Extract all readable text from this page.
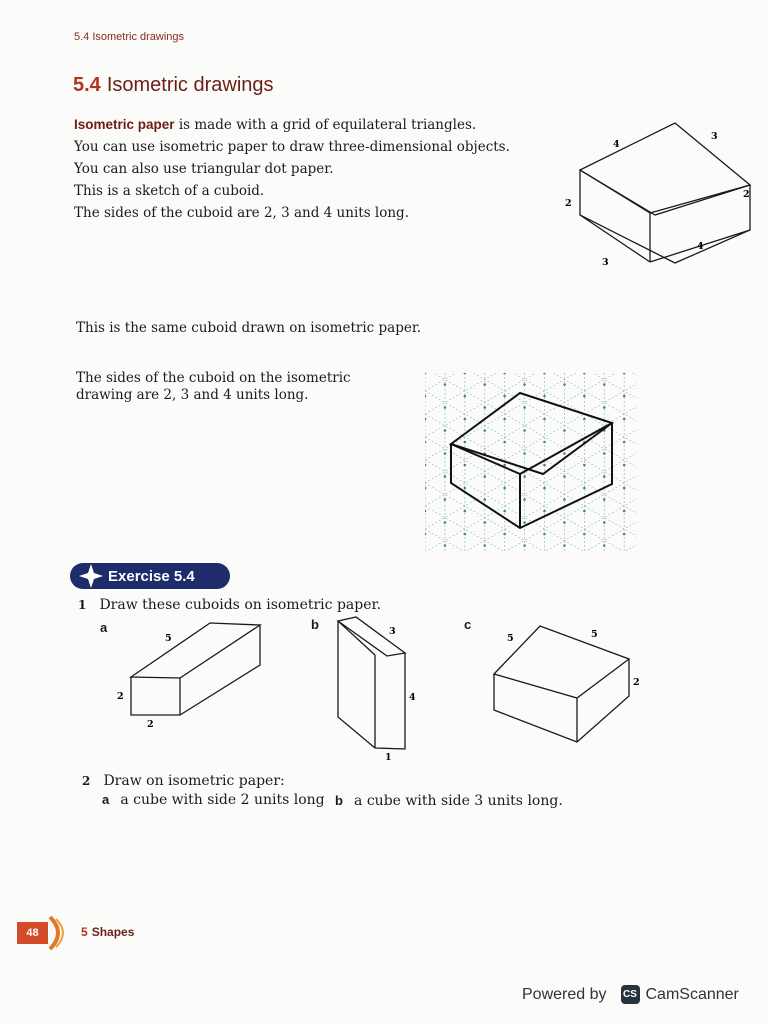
5.4 Isometric drawings
5.4 Isometric drawings
Isometric paper is made with a grid of equilateral triangles.
You can use isometric paper to draw three-dimensional objects.
You can also use triangular dot paper.
This is a sketch of a cuboid.
The sides of the cuboid are 2, 3 and 4 units long.
4
3
2
2
4
3
This is the same cuboid drawn on isometric paper.
The sides of the cuboid on the isometric
drawing are 2, 3 and 4 units long.
Exercise 5.4
1 Draw these cuboids on isometric paper.
a	b	c
5
2
2
3
4
1
5	5
2
2 Draw on isometric paper:
a a cube with side 2 units long b a cube with side 3 units long.
48	5 Shapes
Powered by CS CamScanner
